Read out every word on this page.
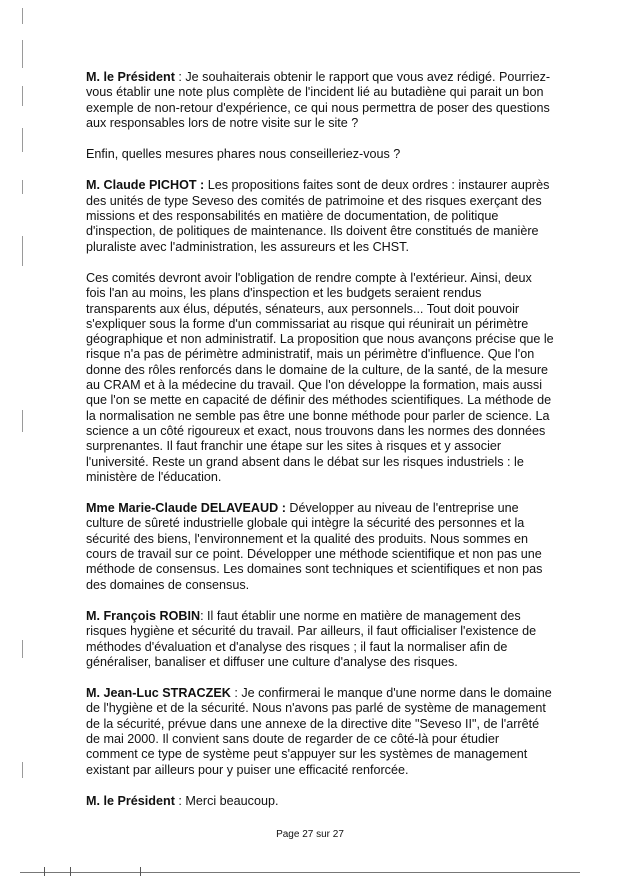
M. le Président : Je souhaiterais obtenir le rapport que vous avez rédigé. Pourriez-vous établir une note plus complète de l'incident lié au butadiène qui parait un bon exemple de non-retour d'expérience, ce qui nous permettra de poser des questions aux responsables lors de notre visite sur le site ?

Enfin, quelles mesures phares nous conseilleriez-vous ?

M. Claude PICHOT : Les propositions faites sont de deux ordres : instaurer auprès des unités de type Seveso des comités de patrimoine et des risques exerçant des missions et des responsabilités en matière de documentation, de politique d'inspection, de politiques de maintenance. Ils doivent être constitués de manière pluraliste avec l'administration, les assureurs et les CHST.

Ces comités devront avoir l'obligation de rendre compte à l'extérieur. Ainsi, deux fois l'an au moins, les plans d'inspection et les budgets seraient rendus transparents aux élus, députés, sénateurs, aux personnels... Tout doit pouvoir s'expliquer sous la forme d'un commissariat au risque qui réunirait un périmètre géographique et non administratif. La proposition que nous avançons précise que le risque n'a pas de périmètre administratif, mais un périmètre d'influence. Que l'on donne des rôles renforcés dans le domaine de la culture, de la santé, de la mesure au CRAM et à la médecine du travail. Que l'on développe la formation, mais aussi que l'on se mette en capacité de définir des méthodes scientifiques. La méthode de la normalisation ne semble pas être une bonne méthode pour parler de science. La science a un côté rigoureux et exact, nous trouvons dans les normes des données surprenantes. Il faut franchir une étape sur les sites à risques et y associer l'université. Reste un grand absent dans le débat sur les risques industriels : le ministère de l'éducation.

Mme Marie-Claude DELAVEAUD : Développer au niveau de l'entreprise une culture de sûreté industrielle globale qui intègre la sécurité des personnes et la sécurité des biens, l'environnement et la qualité des produits. Nous sommes en cours de travail sur ce point. Développer une méthode scientifique et non pas une méthode de consensus. Les domaines sont techniques et scientifiques et non pas des domaines de consensus.

M. François ROBIN: Il faut établir une norme en matière de management des risques hygiène et sécurité du travail. Par ailleurs, il faut officialiser l'existence de méthodes d'évaluation et d'analyse des risques ; il faut la normaliser afin de généraliser, banaliser et diffuser une culture d'analyse des risques.

M. Jean-Luc STRACZEK : Je confirmerai le manque d'une norme dans le domaine de l'hygiène et de la sécurité. Nous n'avons pas parlé de système de management de la sécurité, prévue dans une annexe de la directive dite "Seveso II", de l'arrêté de mai 2000. Il convient sans doute de regarder de ce côté-là pour étudier comment ce type de système peut s'appuyer sur les systèmes de management existant par ailleurs pour y puiser une efficacité renforcée.

M. le Président : Merci beaucoup.

Page 27 sur 27
